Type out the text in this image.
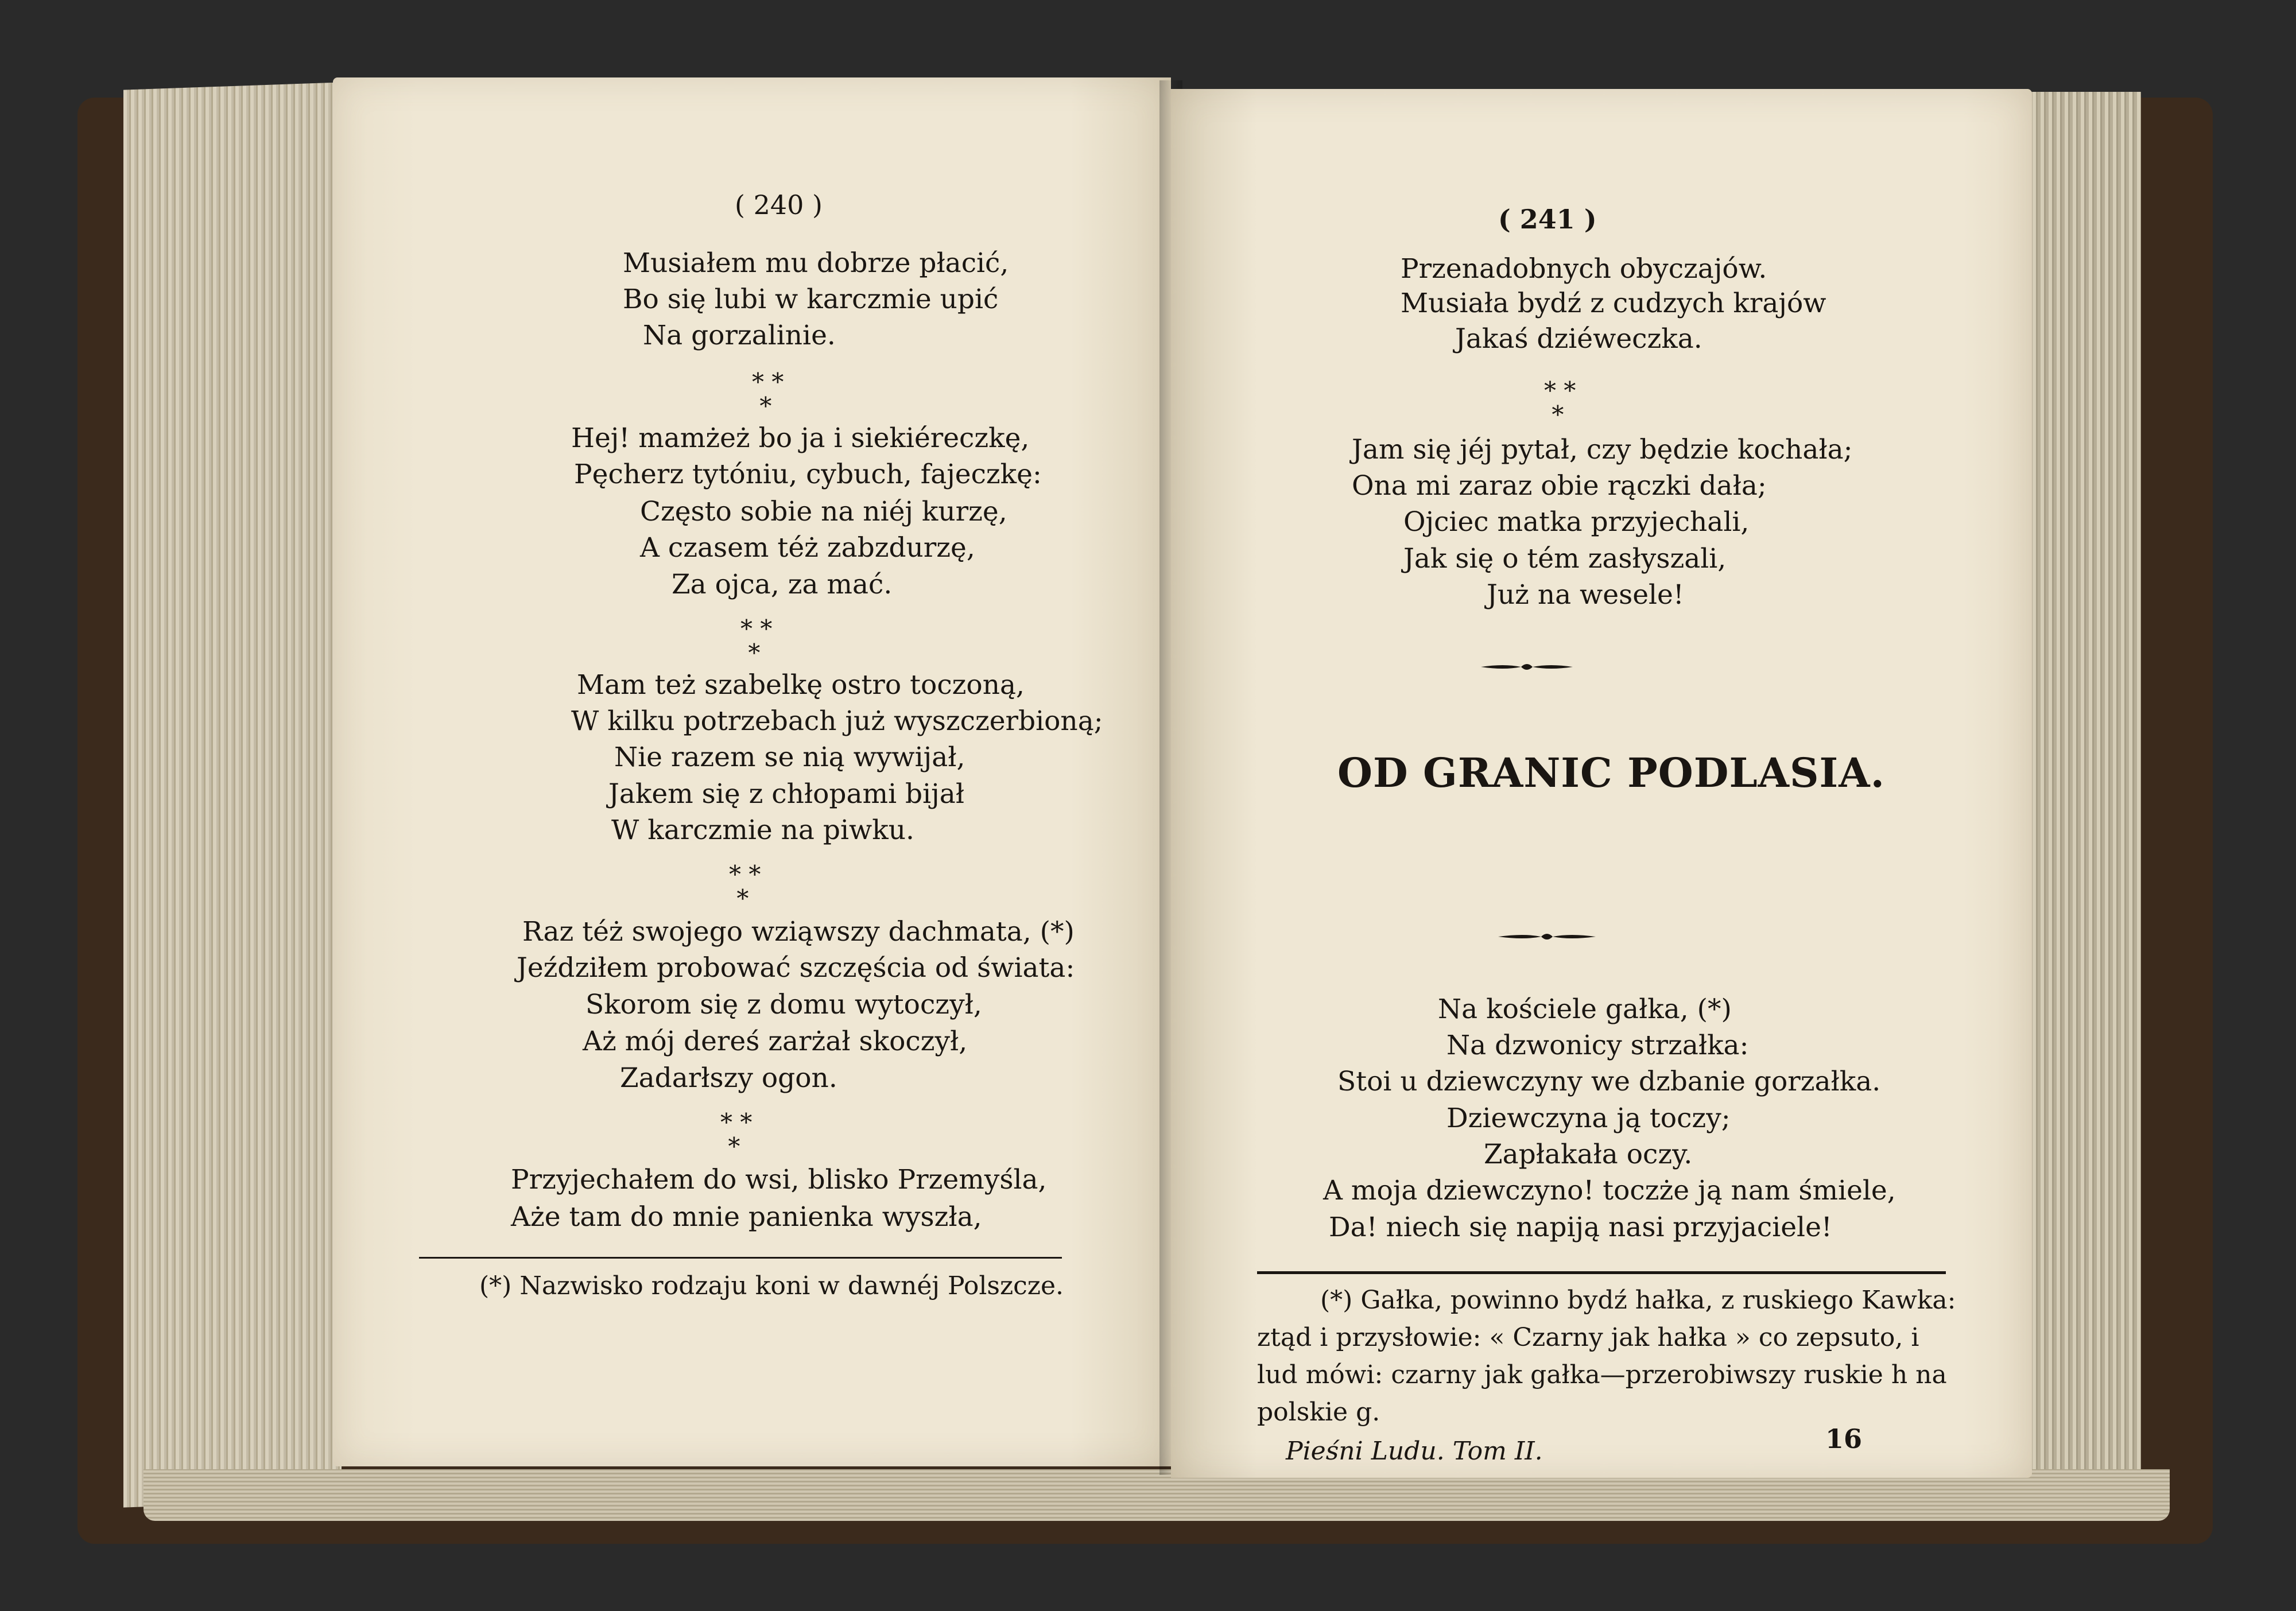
( 240 )
Musiałem mu dobrze płacić,
Bo się lubi w karczmie upić
Na gorzalinie.
* *
*
Hej! mamżeż bo ja i siekiéreczkę,
Pęcherz tytóniu, cybuch, fajeczkę:
Często sobie na niéj kurzę,
A czasem téż zabzdurzę,
Za ojca, za mać.
* *
*
Mam też szabelkę ostro toczoną,
W kilku potrzebach już wyszczerbioną;
Nie razem se nią wywijał,
Jakem się z chłopami bijał
W karczmie na piwku.
* *
*
Raz téż swojego wziąwszy dachmata, (*)
Jeździłem probować szczęścia od świata:
Skorom się z domu wytoczył,
Aż mój dereś zarżał skoczył,
Zadarłszy ogon.
* *
*
Przyjechałem do wsi, blisko Przemyśla,
Aże tam do mnie panienka wyszła,
(*) Nazwisko rodzaju koni w dawnéj Polszcze.
( 241 )
Przenadobnych obyczajów.
Musiała bydź z cudzych krajów
Jakaś dziéweczka.
* *
*
Jam się jéj pytał, czy będzie kochała;
Ona mi zaraz obie rączki dała;
Ojciec matka przyjechali,
Jak się o tém zasłyszali,
Już na wesele!
OD GRANIC PODLASIA.
Na kościele gałka, (*)
Na dzwonicy strzałka:
Stoi u dziewczyny we dzbanie gorzałka.
Dziewczyna ją toczy;
Zapłakała oczy.
A moja dziewczyno! toczże ją nam śmiele,
Da! niech się napiją nasi przyjaciele!
(*) Gałka, powinno bydź hałka, z ruskiego Kawka:
ztąd i przysłowie: « Czarny jak hałka » co zepsuto, i
lud mówi: czarny jak gałka—przerobiwszy ruskie h na
polskie g.
Pieśni Ludu. Tom II.	16
